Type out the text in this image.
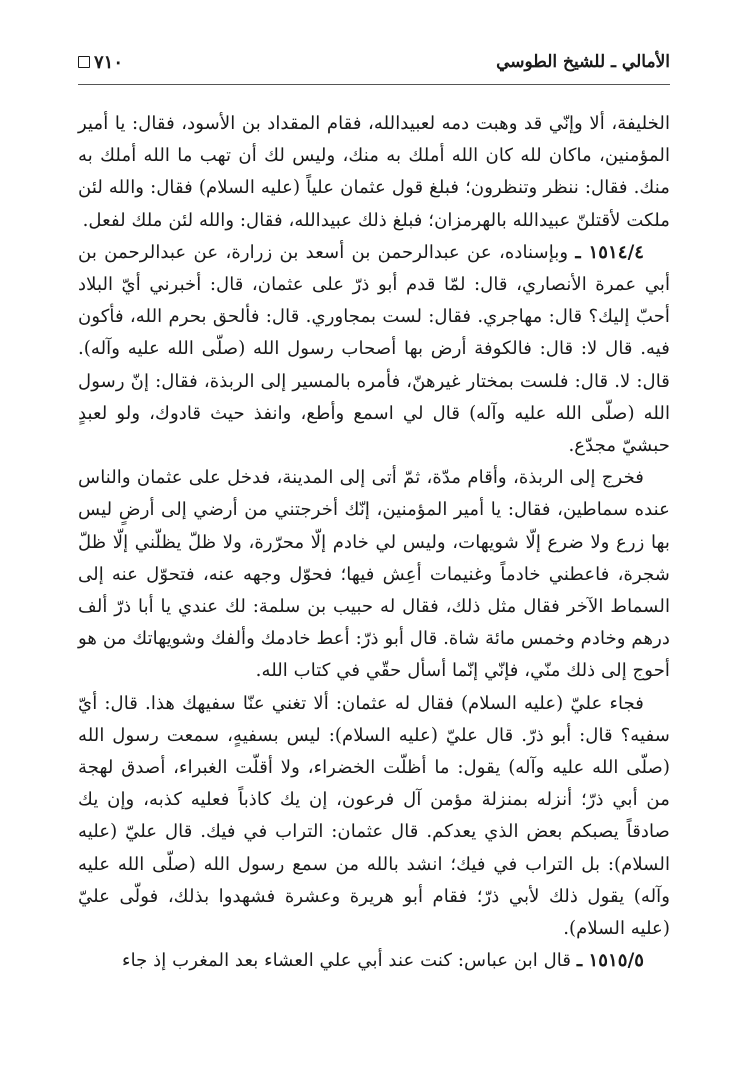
الأمالي ـ للشيخ الطوسي
٧١٠

الخليفة، ألا وإنّي قد وهبت دمه لعبيدالله، فقام المقداد بن الأسود، فقال: يا أمير المؤمنين، ماكان لله كان الله أملك به منك، وليس لك أن تهب ما الله أملك به منك. فقال: ننظر وتنظرون؛ فبلغ قول عثمان علياً (عليه السلام) فقال: والله لئن ملكت لأقتلنّ عبيدالله بالهرمزان؛ فبلغ ذلك عبيدالله، فقال: والله لئن ملك لفعل.

١٥١٤/٤ ـ وبإسناده، عن عبدالرحمن بن أسعد بن زرارة، عن عبدالرحمن بن أبي عمرة الأنصاري، قال: لمّا قدم أبو ذرّ على عثمان، قال: أخبرني أيّ البلاد أحبّ إليك؟ قال: مهاجري. فقال: لست بمجاوري. قال: فألحق بحرم الله، فأكون فيه. قال لا: قال: فالكوفة أرض بها أصحاب رسول الله (صلّى الله عليه وآله). قال: لا. قال: فلست بمختار غيرهنّ، فأمره بالمسير إلى الربذة، فقال: إنّ رسول الله (صلّى الله عليه وآله) قال لي اسمع وأطع، وانفذ حيث قادوك، ولو لعبدٍ حبشيّ مجدّع.

فخرج إلى الربذة، وأقام مدّة، ثمّ أتى إلى المدينة، فدخل على عثمان والناس عنده سماطين، فقال: يا أمير المؤمنين، إنّك أخرجتني من أرضي إلى أرضٍ ليس بها زرع ولا ضرع إلّا شويهات، وليس لي خادم إلّا محرّرة، ولا ظلّ يظلّني إلّا ظلّ شجرة، فاعطني خادماً وغنيمات أعِش فيها؛ فحوّل وجهه عنه، فتحوّل عنه إلى السماط الآخر فقال مثل ذلك، فقال له حبيب بن سلمة: لك عندي يا أبا ذرّ ألف درهم وخادم وخمس مائة شاة. قال أبو ذرّ: أعط خادمك وألفك وشويهاتك من هو أحوج إلى ذلك منّي، فإنّي إنّما أسأل حقّي في كتاب الله.

فجاء عليّ (عليه السلام) فقال له عثمان: ألا تغني عنّا سفيهك هذا. قال: أيّ سفيه؟ قال: أبو ذرّ. قال عليّ (عليه السلام): ليس بسفيهٍ، سمعت رسول الله (صلّى الله عليه وآله) يقول: ما أظلّت الخضراء، ولا أقلّت الغبراء، أصدق لهجة من أبي ذرّ؛ أنزله بمنزلة مؤمن آل فرعون، إن يك كاذباً فعليه كذبه، وإن يك صادقاً يصبكم بعض الذي يعدكم. قال عثمان: التراب في فيك. قال عليّ (عليه السلام): بل التراب في فيك؛ انشد بالله من سمع رسول الله (صلّى الله عليه وآله) يقول ذلك لأبي ذرّ؛ فقام أبو هريرة وعشرة فشهدوا بذلك، فولّى عليّ (عليه السلام).

١٥١٥/٥ ـ قال ابن عباس: كنت عند أبي علي العشاء بعد المغرب إذ جاء
